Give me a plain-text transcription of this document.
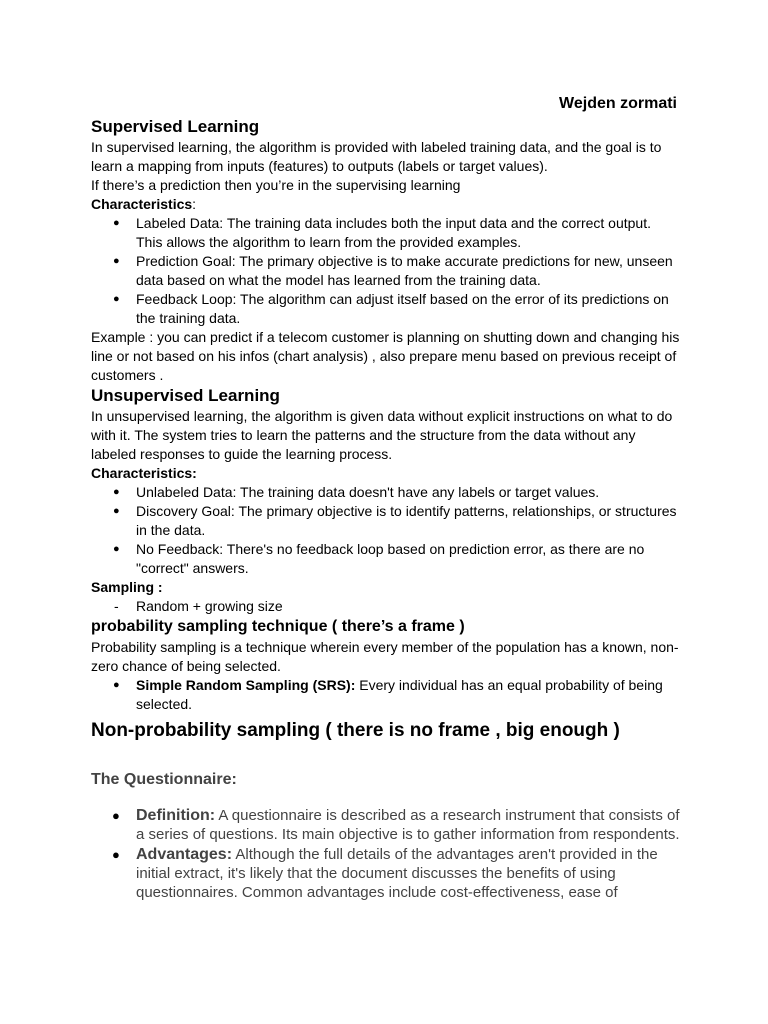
Wejden zormati
Supervised Learning

In supervised learning, the algorithm is provided with labeled training data, and the goal is to learn a mapping from inputs (features) to outputs (labels or target values).

If there’s a prediction then you’re in the supervising learning

Characteristics:

● Labeled Data: The training data includes both the input data and the correct output. This allows the algorithm to learn from the provided examples.
● Prediction Goal: The primary objective is to make accurate predictions for new, unseen data based on what the model has learned from the training data.
● Feedback Loop: The algorithm can adjust itself based on the error of its predictions on the training data.

Example : you can predict if a telecom customer is planning on shutting down and changing his line or not based on his infos (chart analysis) , also prepare menu based on previous receipt of customers .

Unsupervised Learning

In unsupervised learning, the algorithm is given data without explicit instructions on what to do with it. The system tries to learn the patterns and the structure from the data without any labeled responses to guide the learning process.

Characteristics:

● Unlabeled Data: The training data doesn't have any labels or target values.
● Discovery Goal: The primary objective is to identify patterns, relationships, or structures in the data.
● No Feedback: There's no feedback loop based on prediction error, as there are no "correct" answers.

Sampling :

- Random + growing size
probability sampling technique ( there’s a frame )

Probability sampling is a technique wherein every member of the population has a known, non-zero chance of being selected.

● Simple Random Sampling (SRS): Every individual has an equal probability of being selected.
Non-probability sampling ( there is no frame , big enough )
The Questionnaire:
● Definition: A questionnaire is described as a research instrument that consists of a series of questions. Its main objective is to gather information from respondents.
● Advantages: Although the full details of the advantages aren't provided in the initial extract, it's likely that the document discusses the benefits of using questionnaires. Common advantages include cost-effectiveness, ease of
